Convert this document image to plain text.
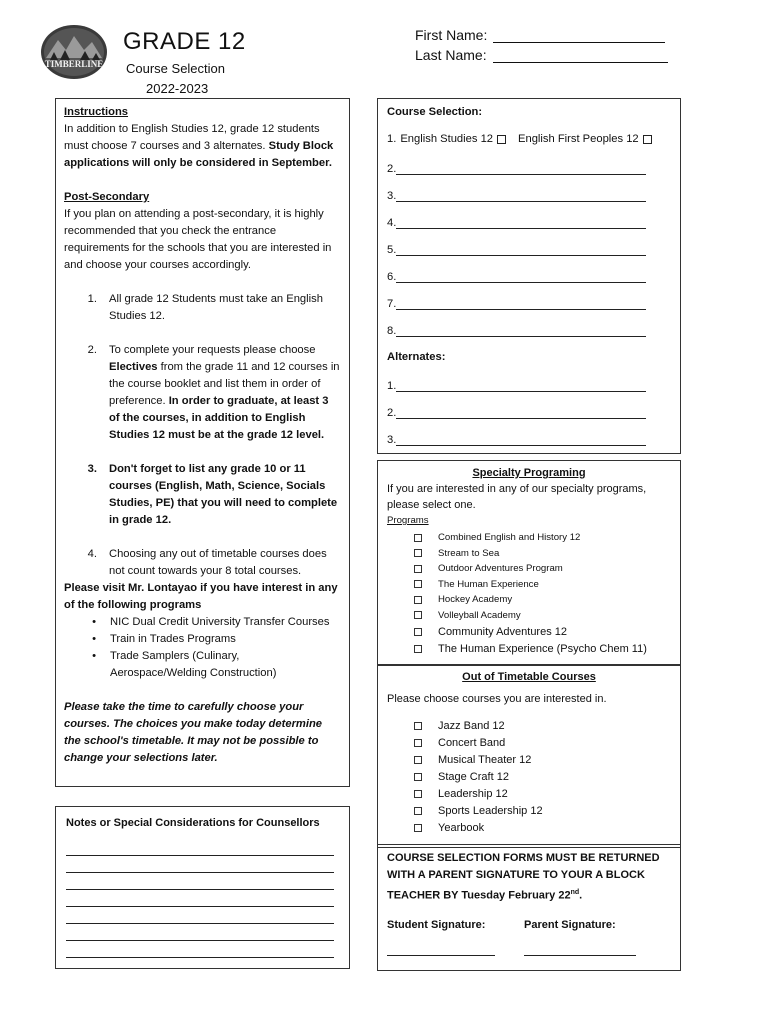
TIMBERLINE
GRADE 12
Course Selection
2022-2023
First Name:
Last Name:

Instructions

In addition to English Studies 12, grade 12 students must choose 7 courses and 3 alternates. Study Block applications will only be considered in September.

Post-Secondary

If you plan on attending a post-secondary, it is highly recommended that you check the entrance requirements for the schools that you are interested in and choose your courses accordingly.

1.	All grade 12 Students must take an English Studies 12.

2.	To complete your requests please choose Electives from the grade 11 and 12 courses in the course booklet and list them in order of preference. In order to graduate, at least 3 of the courses, in addition to English Studies 12 must be at the grade 12 level.

3.	Don't forget to list any grade 10 or 11 courses (English, Math, Science, Socials Studies, PE) that you will need to complete in grade 12.

4.	Choosing any out of timetable courses does not count towards your 8 total courses.

Please visit Mr. Lontayao if you have interest in any of the following programs

•	NIC Dual Credit University Transfer Courses
•	Train in Trades Programs
•	Trade Samplers (Culinary, Aerospace/Welding Construction)

Please take the time to carefully choose your courses. The choices you make today determine the school's timetable. It may not be possible to change your selections later.

Notes or Special Considerations for Counsellors
Course Selection:
1. English Studies 12 English First Peoples 12
2.
3.
4.
5.
6.
7.
8.
Alternates:
1.
2.
3.
Specialty Programing
If you are interested in any of our specialty programs, please select one.
Programs
Combined English and History 12
Stream to Sea
Outdoor Adventures Program
The Human Experience
Hockey Academy
Volleyball Academy
Community Adventures 12
The Human Experience (Psycho Chem 11)
Out of Timetable Courses
Please choose courses you are interested in.
Jazz Band 12
Concert Band
Musical Theater 12
Stage Craft 12
Leadership 12
Sports Leadership 12
Yearbook
COURSE SELECTION FORMS MUST BE RETURNED WITH A PARENT SIGNATURE TO YOUR A BLOCK TEACHER BY Tuesday February 22nd.
Student Signature:	Parent Signature:
